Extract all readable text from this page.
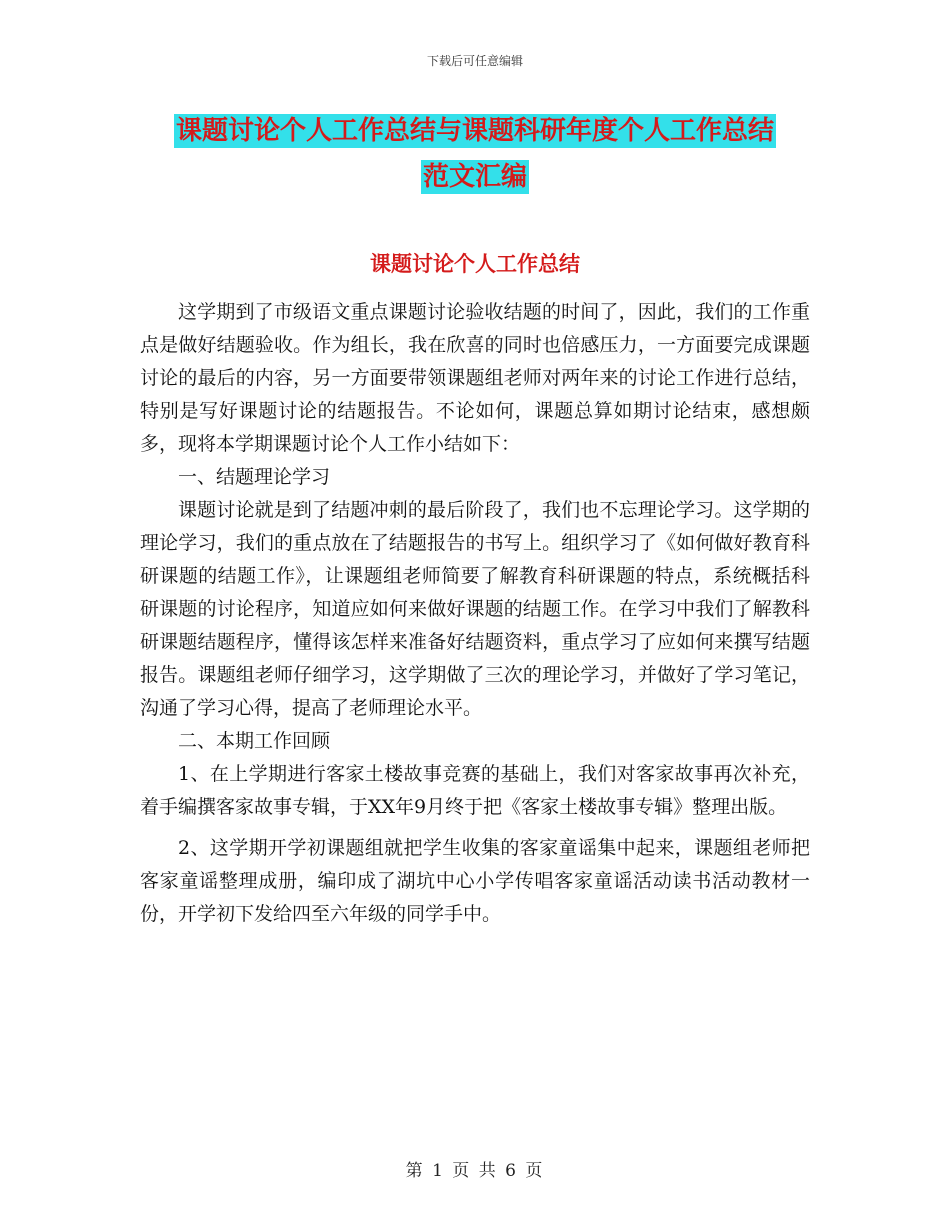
下载后可任意编辑
课题讨论个人工作总结与课题科研年度个人工作总结
范文汇编
课题讨论个人工作总结

这学期到了市级语文重点课题讨论验收结题的时间了，因此，我们的工作重点是做好结题验收。作为组长，我在欣喜的同时也倍感压力，一方面要完成课题讨论的最后的内容，另一方面要带领课题组老师对两年来的讨论工作进行总结，特别是写好课题讨论的结题报告。不论如何，课题总算如期讨论结束，感想颇多，现将本学期课题讨论个人工作小结如下：

一、结题理论学习

课题讨论就是到了结题冲刺的最后阶段了，我们也不忘理论学习。这学期的理论学习，我们的重点放在了结题报告的书写上。组织学习了《如何做好教育科研课题的结题工作》，让课题组老师简要了解教育科研课题的特点，系统概括科研课题的讨论程序，知道应如何来做好课题的结题工作。在学习中我们了解教科研课题结题程序，懂得该怎样来准备好结题资料，重点学习了应如何来撰写结题报告。课题组老师仔细学习，这学期做了三次的理论学习，并做好了学习笔记，沟通了学习心得，提高了老师理论水平。

二、本期工作回顾

1、在上学期进行客家土楼故事竞赛的基础上，我们对客家故事再次补充，着手编撰客家故事专辑，于XX年9月终于把《客家土楼故事专辑》整理出版。

2、这学期开学初课题组就把学生收集的客家童谣集中起来，课题组老师把客家童谣整理成册，编印成了湖坑中心小学传唱客家童谣活动读书活动教材一份，开学初下发给四至六年级的同学手中。

第 1 页 共 6 页
